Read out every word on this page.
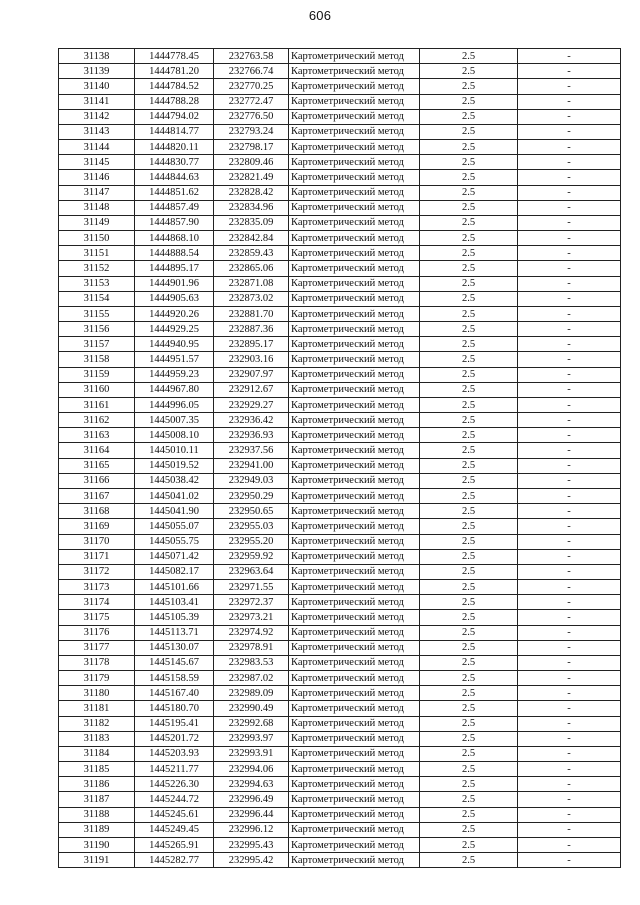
606
31138	1444778.45	232763.58	Картометрический метод	2.5	-
31139	1444781.20	232766.74	Картометрический метод	2.5	-
31140	1444784.52	232770.25	Картометрический метод	2.5	-
31141	1444788.28	232772.47	Картометрический метод	2.5	-
31142	1444794.02	232776.50	Картометрический метод	2.5	-
31143	1444814.77	232793.24	Картометрический метод	2.5	-
31144	1444820.11	232798.17	Картометрический метод	2.5	-
31145	1444830.77	232809.46	Картометрический метод	2.5	-
31146	1444844.63	232821.49	Картометрический метод	2.5	-
31147	1444851.62	232828.42	Картометрический метод	2.5	-
31148	1444857.49	232834.96	Картометрический метод	2.5	-
31149	1444857.90	232835.09	Картометрический метод	2.5	-
31150	1444868.10	232842.84	Картометрический метод	2.5	-
31151	1444888.54	232859.43	Картометрический метод	2.5	-
31152	1444895.17	232865.06	Картометрический метод	2.5	-
31153	1444901.96	232871.08	Картометрический метод	2.5	-
31154	1444905.63	232873.02	Картометрический метод	2.5	-
31155	1444920.26	232881.70	Картометрический метод	2.5	-
31156	1444929.25	232887.36	Картометрический метод	2.5	-
31157	1444940.95	232895.17	Картометрический метод	2.5	-
31158	1444951.57	232903.16	Картометрический метод	2.5	-
31159	1444959.23	232907.97	Картометрический метод	2.5	-
31160	1444967.80	232912.67	Картометрический метод	2.5	-
31161	1444996.05	232929.27	Картометрический метод	2.5	-
31162	1445007.35	232936.42	Картометрический метод	2.5	-
31163	1445008.10	232936.93	Картометрический метод	2.5	-
31164	1445010.11	232937.56	Картометрический метод	2.5	-
31165	1445019.52	232941.00	Картометрический метод	2.5	-
31166	1445038.42	232949.03	Картометрический метод	2.5	-
31167	1445041.02	232950.29	Картометрический метод	2.5	-
31168	1445041.90	232950.65	Картометрический метод	2.5	-
31169	1445055.07	232955.03	Картометрический метод	2.5	-
31170	1445055.75	232955.20	Картометрический метод	2.5	-
31171	1445071.42	232959.92	Картометрический метод	2.5	-
31172	1445082.17	232963.64	Картометрический метод	2.5	-
31173	1445101.66	232971.55	Картометрический метод	2.5	-
31174	1445103.41	232972.37	Картометрический метод	2.5	-
31175	1445105.39	232973.21	Картометрический метод	2.5	-
31176	1445113.71	232974.92	Картометрический метод	2.5	-
31177	1445130.07	232978.91	Картометрический метод	2.5	-
31178	1445145.67	232983.53	Картометрический метод	2.5	-
31179	1445158.59	232987.02	Картометрический метод	2.5	-
31180	1445167.40	232989.09	Картометрический метод	2.5	-
31181	1445180.70	232990.49	Картометрический метод	2.5	-
31182	1445195.41	232992.68	Картометрический метод	2.5	-
31183	1445201.72	232993.97	Картометрический метод	2.5	-
31184	1445203.93	232993.91	Картометрический метод	2.5	-
31185	1445211.77	232994.06	Картометрический метод	2.5	-
31186	1445226.30	232994.63	Картометрический метод	2.5	-
31187	1445244.72	232996.49	Картометрический метод	2.5	-
31188	1445245.61	232996.44	Картометрический метод	2.5	-
31189	1445249.45	232996.12	Картометрический метод	2.5	-
31190	1445265.91	232995.43	Картометрический метод	2.5	-
31191	1445282.77	232995.42	Картометрический метод	2.5	-
